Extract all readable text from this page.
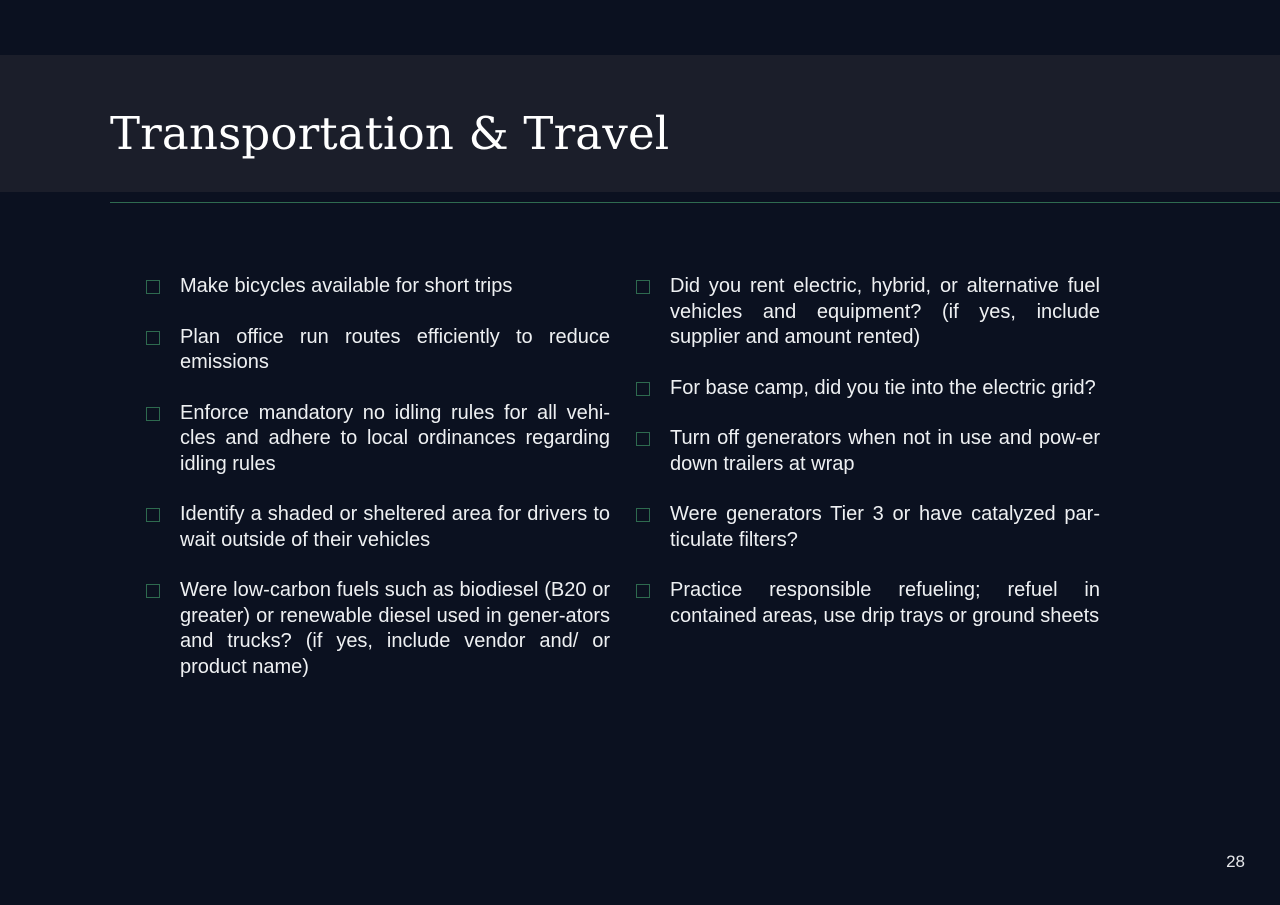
Transportation & Travel
Make bicycles available for short trips
Plan office run routes efficiently to reduce emissions
Enforce mandatory no idling rules for all vehi-cles and adhere to local ordinances regarding idling rules
Identify a shaded or sheltered area for drivers to wait outside of their vehicles
Were low-carbon fuels such as biodiesel (B20 or greater) or renewable diesel used in gener-ators and trucks? (if yes, include vendor and/ or product name)
Did you rent electric, hybrid, or alternative fuel vehicles and equipment? (if yes, include supplier and amount rented)
For base camp, did you tie into the electric grid?
Turn off generators when not in use and pow-er down trailers at wrap
Were generators Tier 3 or have catalyzed par-ticulate filters?
Practice responsible refueling; refuel in contained areas, use drip trays or ground sheets
28
